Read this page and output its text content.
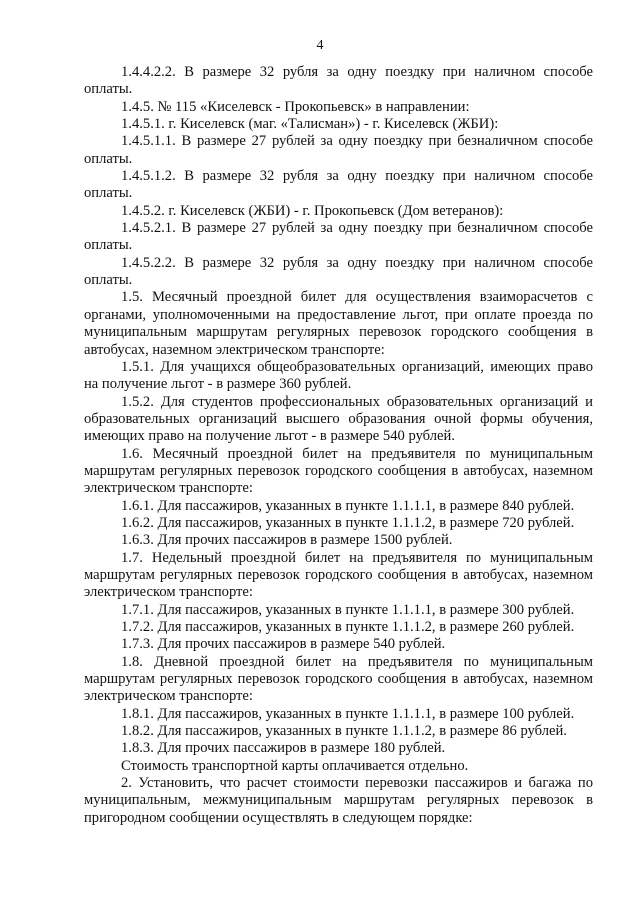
4

1.4.4.2.2. В размере 32 рубля за одну поездку при наличном способе оплаты.

1.4.5. № 115 «Киселевск - Прокопьевск» в направлении:

1.4.5.1. г. Киселевск (маг. «Талисман») - г. Киселевск (ЖБИ):

1.4.5.1.1. В размере 27 рублей за одну поездку при безналичном способе оплаты.

1.4.5.1.2. В размере 32 рубля за одну поездку при наличном способе оплаты.

1.4.5.2. г. Киселевск (ЖБИ) - г. Прокопьевск (Дом ветеранов):

1.4.5.2.1. В размере 27 рублей за одну поездку при безналичном способе оплаты.

1.4.5.2.2. В размере 32 рубля за одну поездку при наличном способе оплаты.

1.5. Месячный проездной билет для осуществления взаиморасчетов с органами, уполномоченными на предоставление льгот, при оплате проезда по муниципальным маршрутам регулярных перевозок городского сообщения в автобусах, наземном электрическом транспорте:

1.5.1. Для учащихся общеобразовательных организаций, имеющих право на получение льгот - в размере 360 рублей.

1.5.2. Для студентов профессиональных образовательных организаций и образовательных организаций высшего образования очной формы обучения, имеющих право на получение льгот - в размере 540 рублей.

1.6. Месячный проездной билет на предъявителя по муниципальным маршрутам регулярных перевозок городского сообщения в автобусах, наземном электрическом транспорте:

1.6.1. Для пассажиров, указанных в пункте 1.1.1.1, в размере 840 рублей.

1.6.2. Для пассажиров, указанных в пункте 1.1.1.2, в размере 720 рублей.

1.6.3. Для прочих пассажиров в размере 1500 рублей.

1.7. Недельный проездной билет на предъявителя по муниципальным маршрутам регулярных перевозок городского сообщения в автобусах, наземном электрическом транспорте:

1.7.1. Для пассажиров, указанных в пункте 1.1.1.1, в размере 300 рублей.

1.7.2. Для пассажиров, указанных в пункте 1.1.1.2, в размере 260 рублей.

1.7.3. Для прочих пассажиров в размере 540 рублей.

1.8. Дневной проездной билет на предъявителя по муниципальным маршрутам регулярных перевозок городского сообщения в автобусах, наземном электрическом транспорте:

1.8.1. Для пассажиров, указанных в пункте 1.1.1.1, в размере 100 рублей.

1.8.2. Для пассажиров, указанных в пункте 1.1.1.2, в размере 86 рублей.

1.8.3. Для прочих пассажиров в размере 180 рублей.

Стоимость транспортной карты оплачивается отдельно.

2. Установить, что расчет стоимости перевозки пассажиров и багажа по муниципальным, межмуниципальным маршрутам регулярных перевозок в пригородном сообщении осуществлять в следующем порядке:
